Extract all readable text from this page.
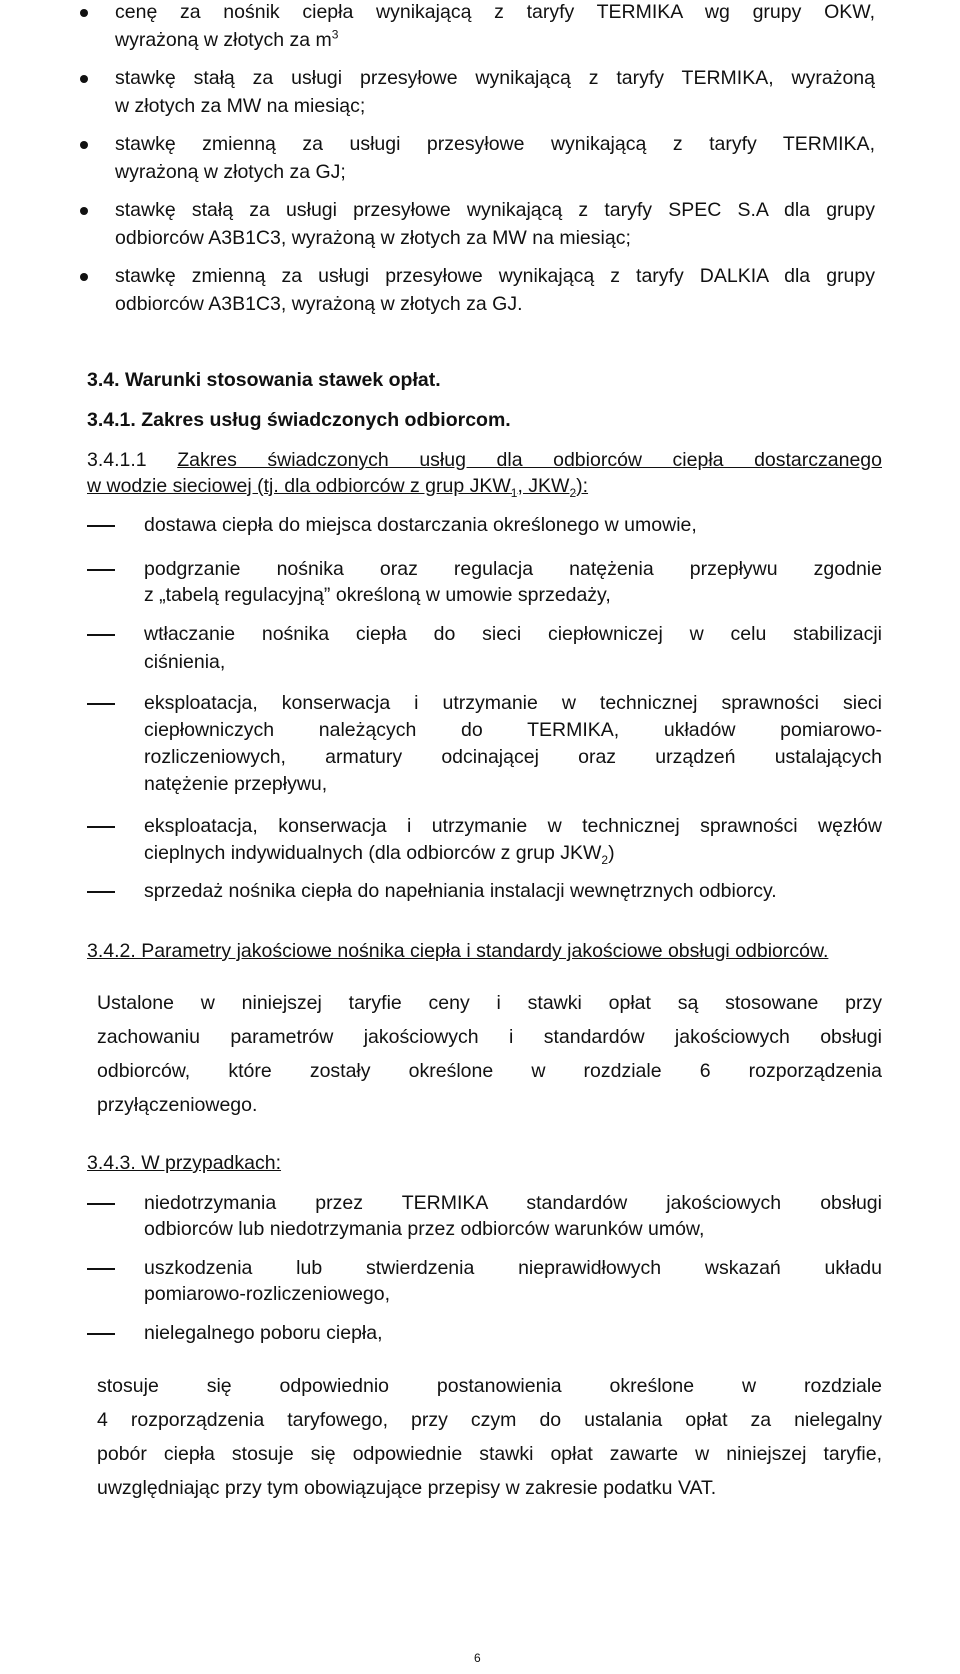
cenę za nośnik ciepła wynikającą z taryfy TERMIKA wg grupy OKW,
wyrażoną w złotych za $m^3$
stawkę stałą za usługi przesyłowe wynikającą z taryfy TERMIKA, wyrażoną
w złotych za MW na miesiąc;
stawkę zmienną za usługi przesyłowe wynikającą z taryfy TERMIKA,
wyrażoną w złotych za GJ;
stawkę stałą za usługi przesyłowe wynikającą z taryfy SPEC S.A dla grupy
odbiorców A3B1C3, wyrażoną w złotych za MW na miesiąc;
stawkę zmienną za usługi przesyłowe wynikającą z taryfy DALKIA dla grupy
odbiorców A3B1C3, wyrażoną w złotych za GJ.
3.4. Warunki stosowania stawek opłat.
3.4.1. Zakres usług świadczonych odbiorcom.
3.4.1.1 Zakres świadczonych usług dla odbiorców ciepła dostarczanego
w wodzie sieciowej (tj. dla odbiorców z grup $JKW_1$, $JKW_2$):
dostawa ciepła do miejsca dostarczania określonego w umowie,
podgrzanie nośnika oraz regulacja natężenia przepływu zgodnie
z „tabelą regulacyjną” określoną w umowie sprzedaży,
wtłaczanie nośnika ciepła do sieci ciepłowniczej w celu stabilizacji
ciśnienia,
eksploatacja, konserwacja i utrzymanie w technicznej sprawności sieci
ciepłowniczych należących do TERMIKA, układów pomiarowo-
rozliczeniowych, armatury odcinającej oraz urządzeń ustalających
natężenie przepływu,
eksploatacja, konserwacja i utrzymanie w technicznej sprawności węzłów
cieplnych indywidualnych (dla odbiorców z grup $JKW_2$)
sprzedaż nośnika ciepła do napełniania instalacji wewnętrznych odbiorcy.
3.4.2. Parametry jakościowe nośnika ciepła i standardy jakościowe obsługi odbiorców.
Ustalone w niniejszej taryfie ceny i stawki opłat są stosowane przy
zachowaniu parametrów jakościowych i standardów jakościowych obsługi
odbiorców, które zostały określone w rozdziale 6 rozporządzenia
przyłączeniowego.
3.4.3. W przypadkach:
niedotrzymania przez TERMIKA standardów jakościowych obsługi
odbiorców lub niedotrzymania przez odbiorców warunków umów,
uszkodzenia lub stwierdzenia nieprawidłowych wskazań układu
pomiarowo-rozliczeniowego,
nielegalnego poboru ciepła,
stosuje się odpowiednio postanowienia określone w rozdziale
4 rozporządzenia taryfowego, przy czym do ustalania opłat za nielegalny
pobór ciepła stosuje się odpowiednie stawki opłat zawarte w niniejszej taryfie,
uwzględniając przy tym obowiązujące przepisy w zakresie podatku VAT.
6
